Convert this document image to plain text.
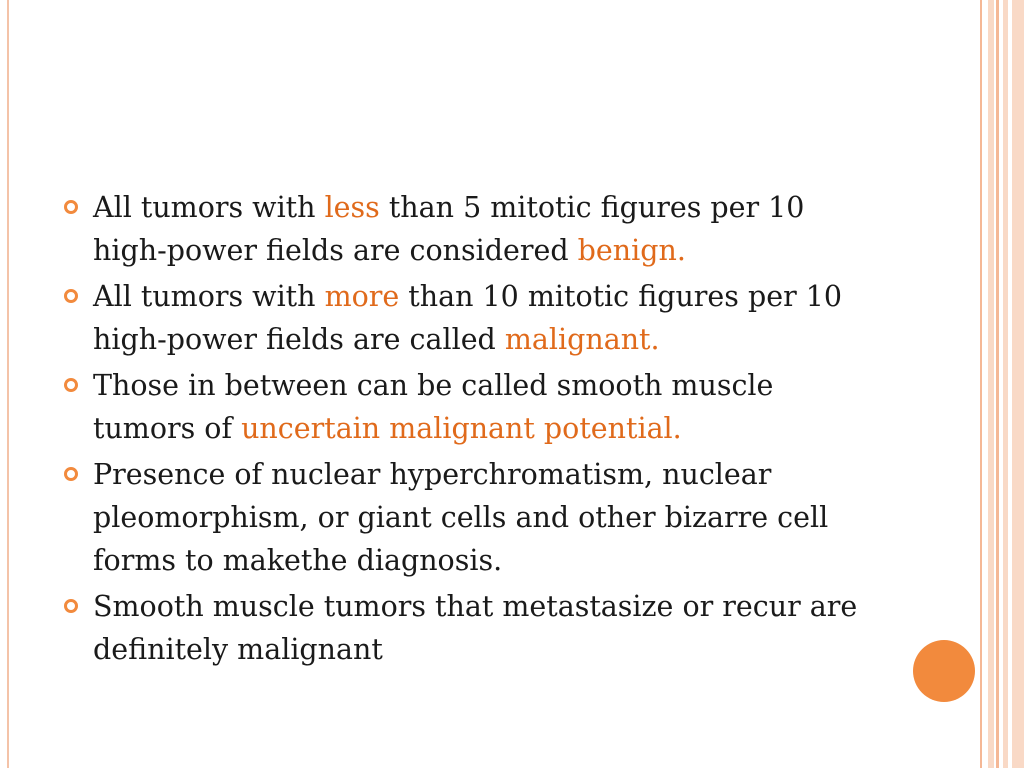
All tumors with less than 5 mitotic figures per 10 high-power fields are considered benign.
All tumors with more than 10 mitotic figures per 10 high-power fields are called malignant.
Those in between can be called smooth muscle tumors of uncertain malignant potential.
Presence of nuclear hyperchromatism, nuclear pleomorphism, or giant cells and other bizarre cell forms to makethe diagnosis.
Smooth muscle tumors that metastasize or recur are definitely malignant
